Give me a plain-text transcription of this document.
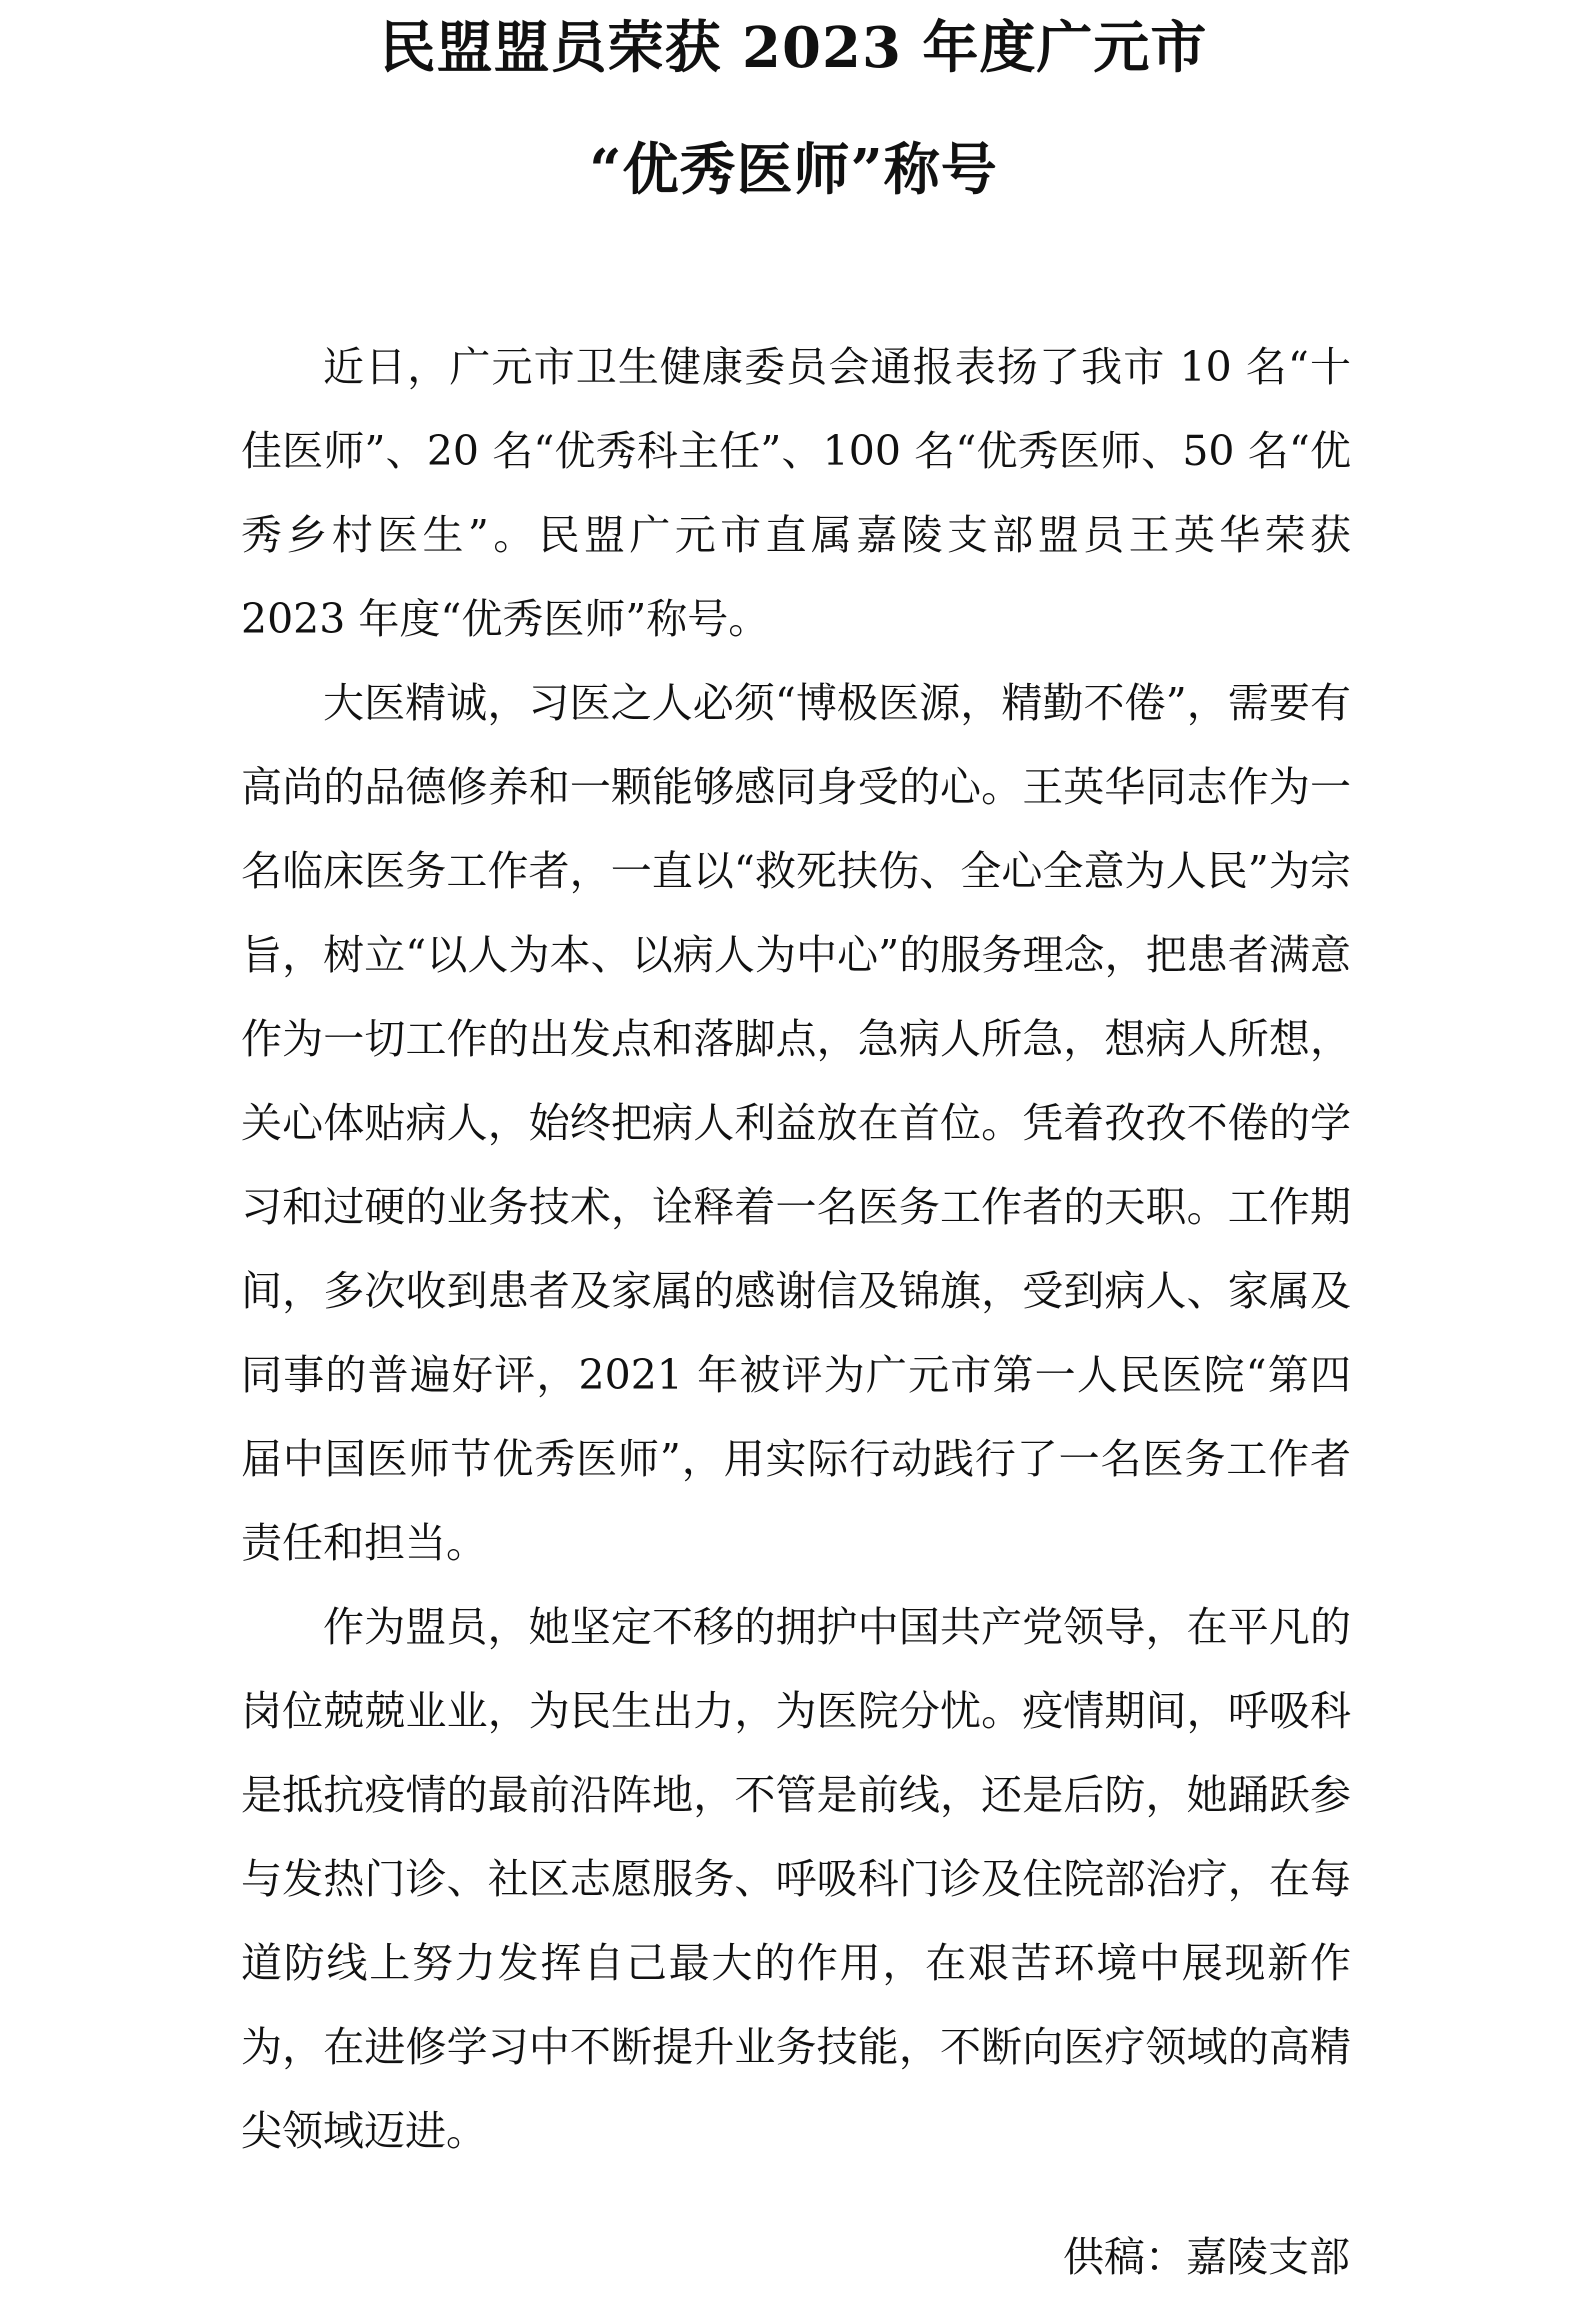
民盟盟员荣获 2023 年度广元市
“优秀医师”称号

近日，广元市卫生健康委员会通报表扬了我市 10 名“十佳医师”、20 名“优秀科主任”、100 名“优秀医师、50 名“优秀乡村医生”。民盟广元市直属嘉陵支部盟员王英华荣获 2023 年度“优秀医师”称号。

大医精诚，习医之人必须“博极医源，精勤不倦”，需要有高尚的品德修养和一颗能够感同身受的心。王英华同志作为一名临床医务工作者，一直以“救死扶伤、全心全意为人民”为宗旨，树立“以人为本、以病人为中心”的服务理念，把患者满意作为一切工作的出发点和落脚点，急病人所急，想病人所想，关心体贴病人，始终把病人利益放在首位。凭着孜孜不倦的学习和过硬的业务技术，诠释着一名医务工作者的天职。工作期间，多次收到患者及家属的感谢信及锦旗，受到病人、家属及同事的普遍好评，2021 年被评为广元市第一人民医院“第四届中国医师节优秀医师”，用实际行动践行了一名医务工作者责任和担当。

作为盟员，她坚定不移的拥护中国共产党领导，在平凡的岗位兢兢业业，为民生出力，为医院分忧。疫情期间，呼吸科是抵抗疫情的最前沿阵地，不管是前线，还是后防，她踊跃参与发热门诊、社区志愿服务、呼吸科门诊及住院部治疗，在每道防线上努力发挥自己最大的作用，在艰苦环境中展现新作为，在进修学习中不断提升业务技能，不断向医疗领域的高精尖领域迈进。

供稿：嘉陵支部
